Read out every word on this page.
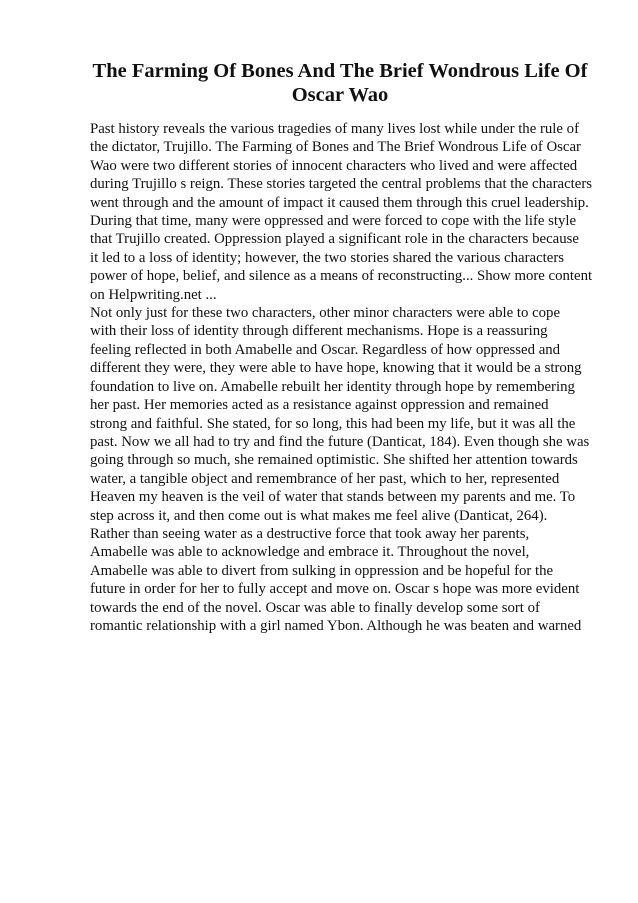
The Farming Of Bones And The Brief Wondrous Life Of Oscar Wao
Past history reveals the various tragedies of many lives lost while under the rule of
the dictator, Trujillo. The Farming of Bones and The Brief Wondrous Life of Oscar
Wao were two different stories of innocent characters who lived and were affected
during Trujillo s reign. These stories targeted the central problems that the characters
went through and the amount of impact it caused them through this cruel leadership.
During that time, many were oppressed and were forced to cope with the life style
that Trujillo created. Oppression played a significant role in the characters because
it led to a loss of identity; however, the two stories shared the various characters
power of hope, belief, and silence as a means of reconstructing... Show more content
on Helpwriting.net ...
Not only just for these two characters, other minor characters were able to cope
with their loss of identity through different mechanisms. Hope is a reassuring
feeling reflected in both Amabelle and Oscar. Regardless of how oppressed and
different they were, they were able to have hope, knowing that it would be a strong
foundation to live on. Amabelle rebuilt her identity through hope by remembering
her past. Her memories acted as a resistance against oppression and remained
strong and faithful. She stated, for so long, this had been my life, but it was all the
past. Now we all had to try and find the future (Danticat, 184). Even though she was
going through so much, she remained optimistic. She shifted her attention towards
water, a tangible object and remembrance of her past, which to her, represented
Heaven my heaven is the veil of water that stands between my parents and me. To
step across it, and then come out is what makes me feel alive (Danticat, 264).
Rather than seeing water as a destructive force that took away her parents,
Amabelle was able to acknowledge and embrace it. Throughout the novel,
Amabelle was able to divert from sulking in oppression and be hopeful for the
future in order for her to fully accept and move on. Oscar s hope was more evident
towards the end of the novel. Oscar was able to finally develop some sort of
romantic relationship with a girl named Ybon. Although he was beaten and warned
